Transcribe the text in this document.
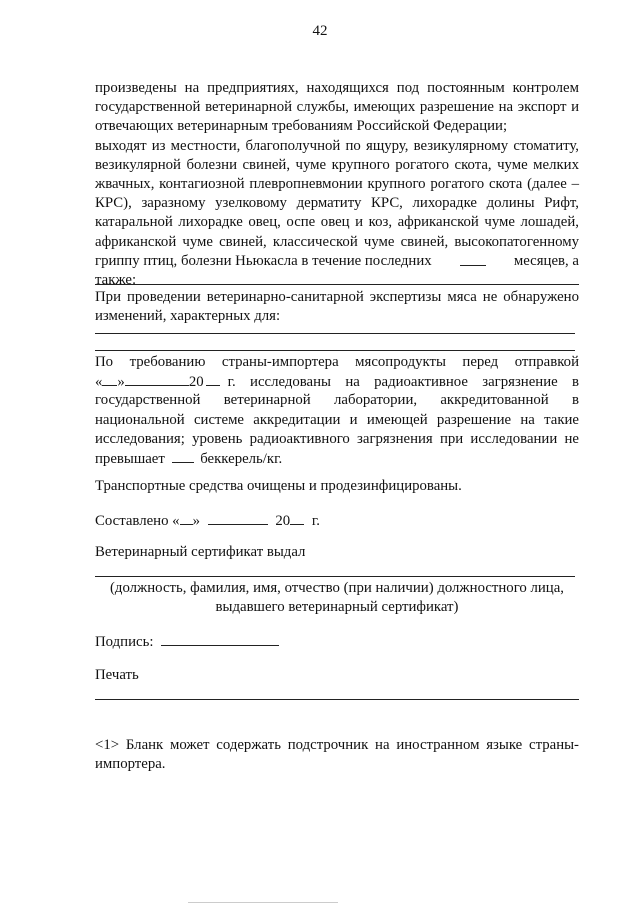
42
произведены на предприятиях, находящихся под постоянным контролем
государственной ветеринарной службы, имеющих разрешение на экспорт и
отвечающих ветеринарным требованиям Российской Федерации;
выходят из местности, благополучной по ящуру, везикулярному стоматиту,
везикулярной болезни свиней, чуме крупного рогатого скота, чуме мелких
жвачных, контагиозной плевропневмонии крупного рогатого скота (далее –
КРС), заразному узелковому дерматиту КРС, лихорадке долины Рифт,
катаральной лихорадке овец, оспе овец и коз, африканской чуме лошадей,
африканской чуме свиней, классической чуме свиней, высокопатогенному
гриппу птиц, болезни Ньюкасла в течение последних	месяцев, а
также:
При проведении ветеринарно-санитарной экспертизы мяса не обнаружено
изменений, характерных для:
По требованию страны-импортера мясопродукты перед отправкой
« »	20 г. исследованы на радиоактивное загрязнение в
государственной ветеринарной лаборатории, аккредитованной в
национальной системе аккредитации и имеющей разрешение на такие
исследования; уровень радиоактивного загрязнения при исследовании не
превышает беккерель/кг.
Транспортные средства очищены и продезинфицированы.
Составлено « »	20 г.
Ветеринарный сертификат выдал
(должность, фамилия, имя, отчество (при наличии) должностного лица,
выдавшего ветеринарный сертификат)
Подпись:
Печать
<1> Бланк может содержать подстрочник на иностранном языке страны-
импортера.
